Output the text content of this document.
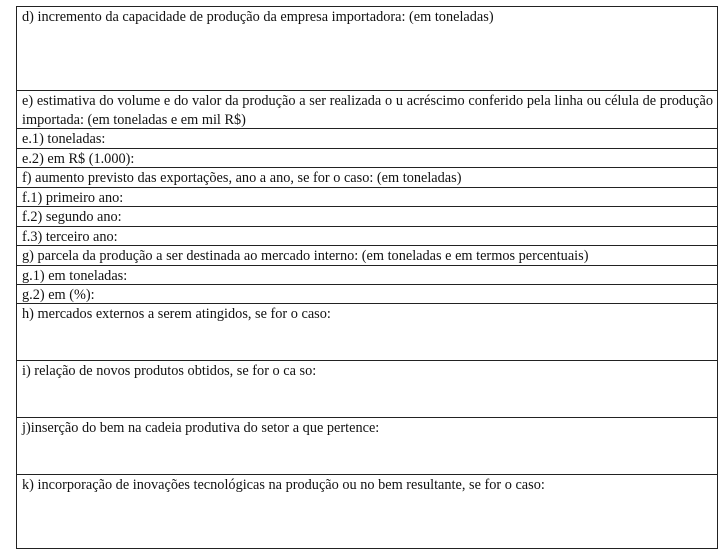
d) incremento da capacidade de produção da empresa importadora: (em toneladas)
e) estimativa do volume e do valor da produção a ser realizada o u acréscimo conferido pela linha ou célula de produção importada: (em toneladas e em mil R$)
e.1) toneladas:
e.2) em R$ (1.000):
f) aumento previsto das exportações, ano a ano, se for o caso: (em toneladas)
f.1) primeiro ano:
f.2) segundo ano:
f.3) terceiro ano:
g) parcela da produção a ser destinada ao mercado interno: (em toneladas e em termos percentuais)
g.1) em toneladas:
g.2) em (%):
h) mercados externos a serem atingidos, se for o caso:
i) relação de novos produtos obtidos, se for o ca so:
j)inserção do bem na cadeia produtiva do setor a que pertence:
k) incorporação de inovações tecnológicas na produção ou no bem resultante, se for o caso:
